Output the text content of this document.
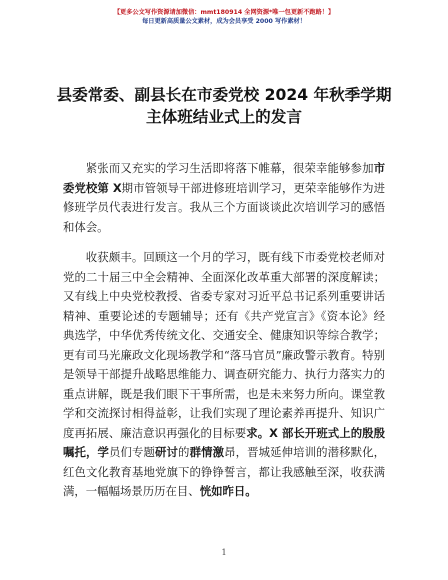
【更多公文写作资源请加微信：mmt180914 全网资源*唯一包更新不跑路！】
每日更新高质量公文素材，成为会员享受 2000 写作素材！
县委常委、副县长在市委党校 2024 年秋季学期
主体班结业式上的发言

紧张而又充实的学习生活即将落下帷幕，很荣幸能够参加市委党校第 X期市管领导干部进修班培训学习，更荣幸能够作为进修班学员代表进行发言。我从三个方面谈谈此次培训学习的感悟和体会。

收获颇丰。回顾这一个月的学习，既有线下市委党校老师对党的二十届三中全会精神、全面深化改革重大部署的深度解读；又有线上中央党校教授、省委专家对习近平总书记系列重要讲话精神、重要论述的专题辅导；还有《共产党宣言》《资本论》经典选学，中华优秀传统文化、交通安全、健康知识等综合教学；更有司马光廉政文化现场教学和“落马官员”廉政警示教育。特别是领导干部提升战略思维能力、调查研究能力、执行力落实力的重点讲解，既是我们眼下干事所需，也是未来努力所向。课堂教学和交流探讨相得益彰，让我们实现了理论素养再提升、知识广度再拓展、廉洁意识再强化的目标要求。X 部长开班式上的殷殷嘱托，学员们专题研讨的群情激昂，晋城延伸培训的潜移默化，红色文化教育基地党旗下的铮铮誓言，都让我感触至深，收获满满，一幅幅场景历历在目、恍如昨日。

1
